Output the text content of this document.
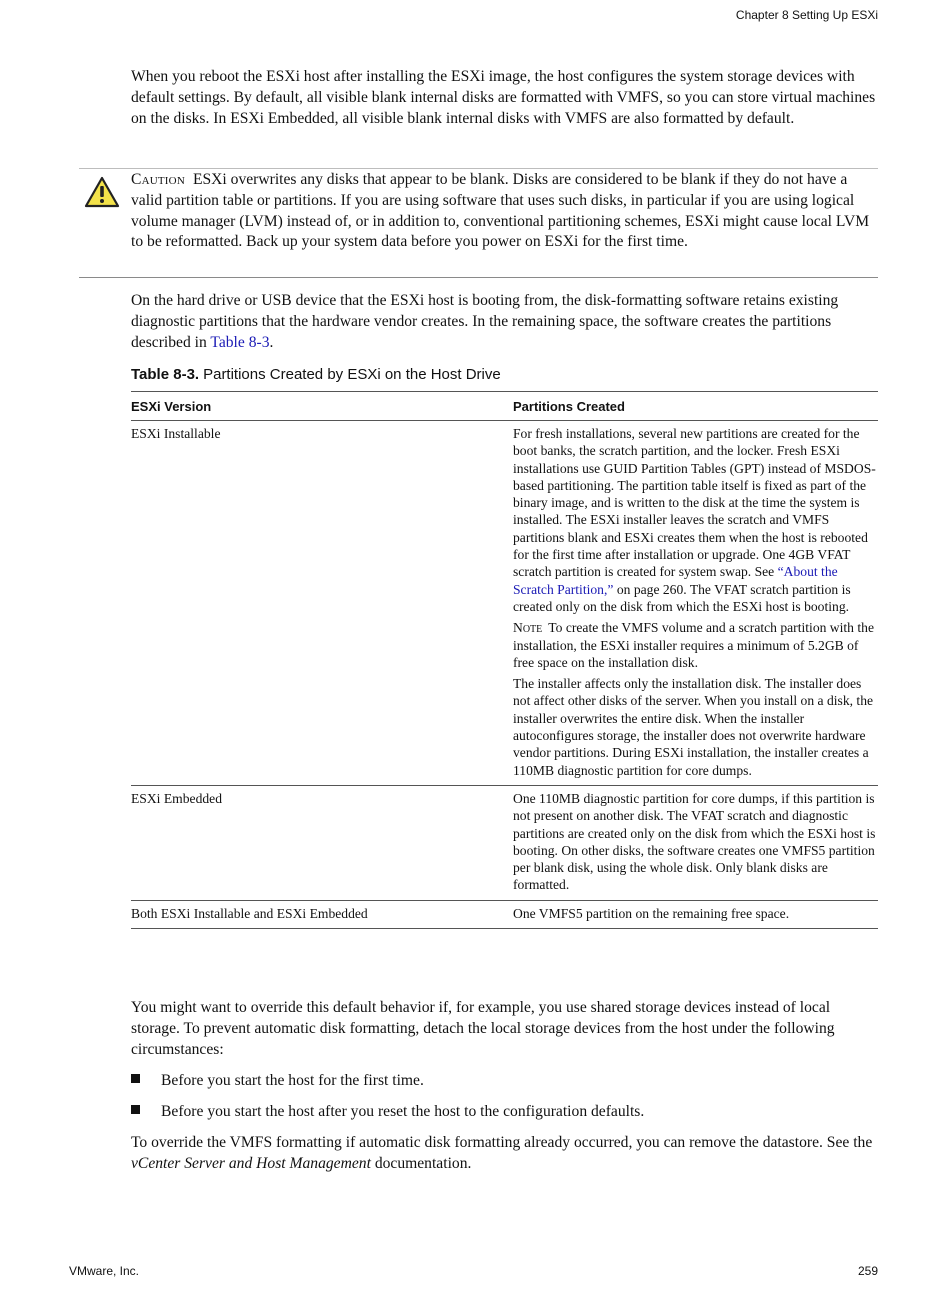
Chapter 8 Setting Up ESXi
When you reboot the ESXi host after installing the ESXi image, the host configures the system storage devices with default settings. By default, all visible blank internal disks are formatted with VMFS, so you can store virtual machines on the disks. In ESXi Embedded, all visible blank internal disks with VMFS are also formatted by default.
Caution ESXi overwrites any disks that appear to be blank. Disks are considered to be blank if they do not have a valid partition table or partitions. If you are using software that uses such disks, in particular if you are using logical volume manager (LVM) instead of, or in addition to, conventional partitioning schemes, ESXi might cause local LVM to be reformatted. Back up your system data before you power on ESXi for the first time.
On the hard drive or USB device that the ESXi host is booting from, the disk-formatting software retains existing diagnostic partitions that the hardware vendor creates. In the remaining space, the software creates the partitions described in Table 8-3.
Table 8-3. Partitions Created by ESXi on the Host Drive
ESXi Version	Partitions Created
ESXi Installable	For fresh installations, several new partitions are created for the boot banks, the scratch partition, and the locker. Fresh ESXi installations use GUID Partition Tables (GPT) instead of MSDOS-based partitioning. The partition table itself is fixed as part of the binary image, and is written to the disk at the time the system is installed. The ESXi installer leaves the scratch and VMFS partitions blank and ESXi creates them when the host is rebooted for the first time after installation or upgrade. One 4GB VFAT scratch partition is created for system swap. See “About the Scratch Partition,” on page 260. The VFAT scratch partition is created only on the disk from which the ESXi host is booting.

Note To create the VMFS volume and a scratch partition with the installation, the ESXi installer requires a minimum of 5.2GB of free space on the installation disk.

The installer affects only the installation disk. The installer does not affect other disks of the server. When you install on a disk, the installer overwrites the entire disk. When the installer autoconfigures storage, the installer does not overwrite hardware vendor partitions. During ESXi installation, the installer creates a 110MB diagnostic partition for core dumps.

ESXi Embedded	One 110MB diagnostic partition for core dumps, if this partition is not present on another disk. The VFAT scratch and diagnostic partitions are created only on the disk from which the ESXi host is booting. On other disks, the software creates one VMFS5 partition per blank disk, using the whole disk. Only blank disks are formatted.
Both ESXi Installable and ESXi Embedded	One VMFS5 partition on the remaining free space.
You might want to override this default behavior if, for example, you use shared storage devices instead of local storage. To prevent automatic disk formatting, detach the local storage devices from the host under the following circumstances:
Before you start the host for the first time.
Before you start the host after you reset the host to the configuration defaults.
To override the VMFS formatting if automatic disk formatting already occurred, you can remove the datastore. See the vCenter Server and Host Management documentation.
VMware, Inc.	259
